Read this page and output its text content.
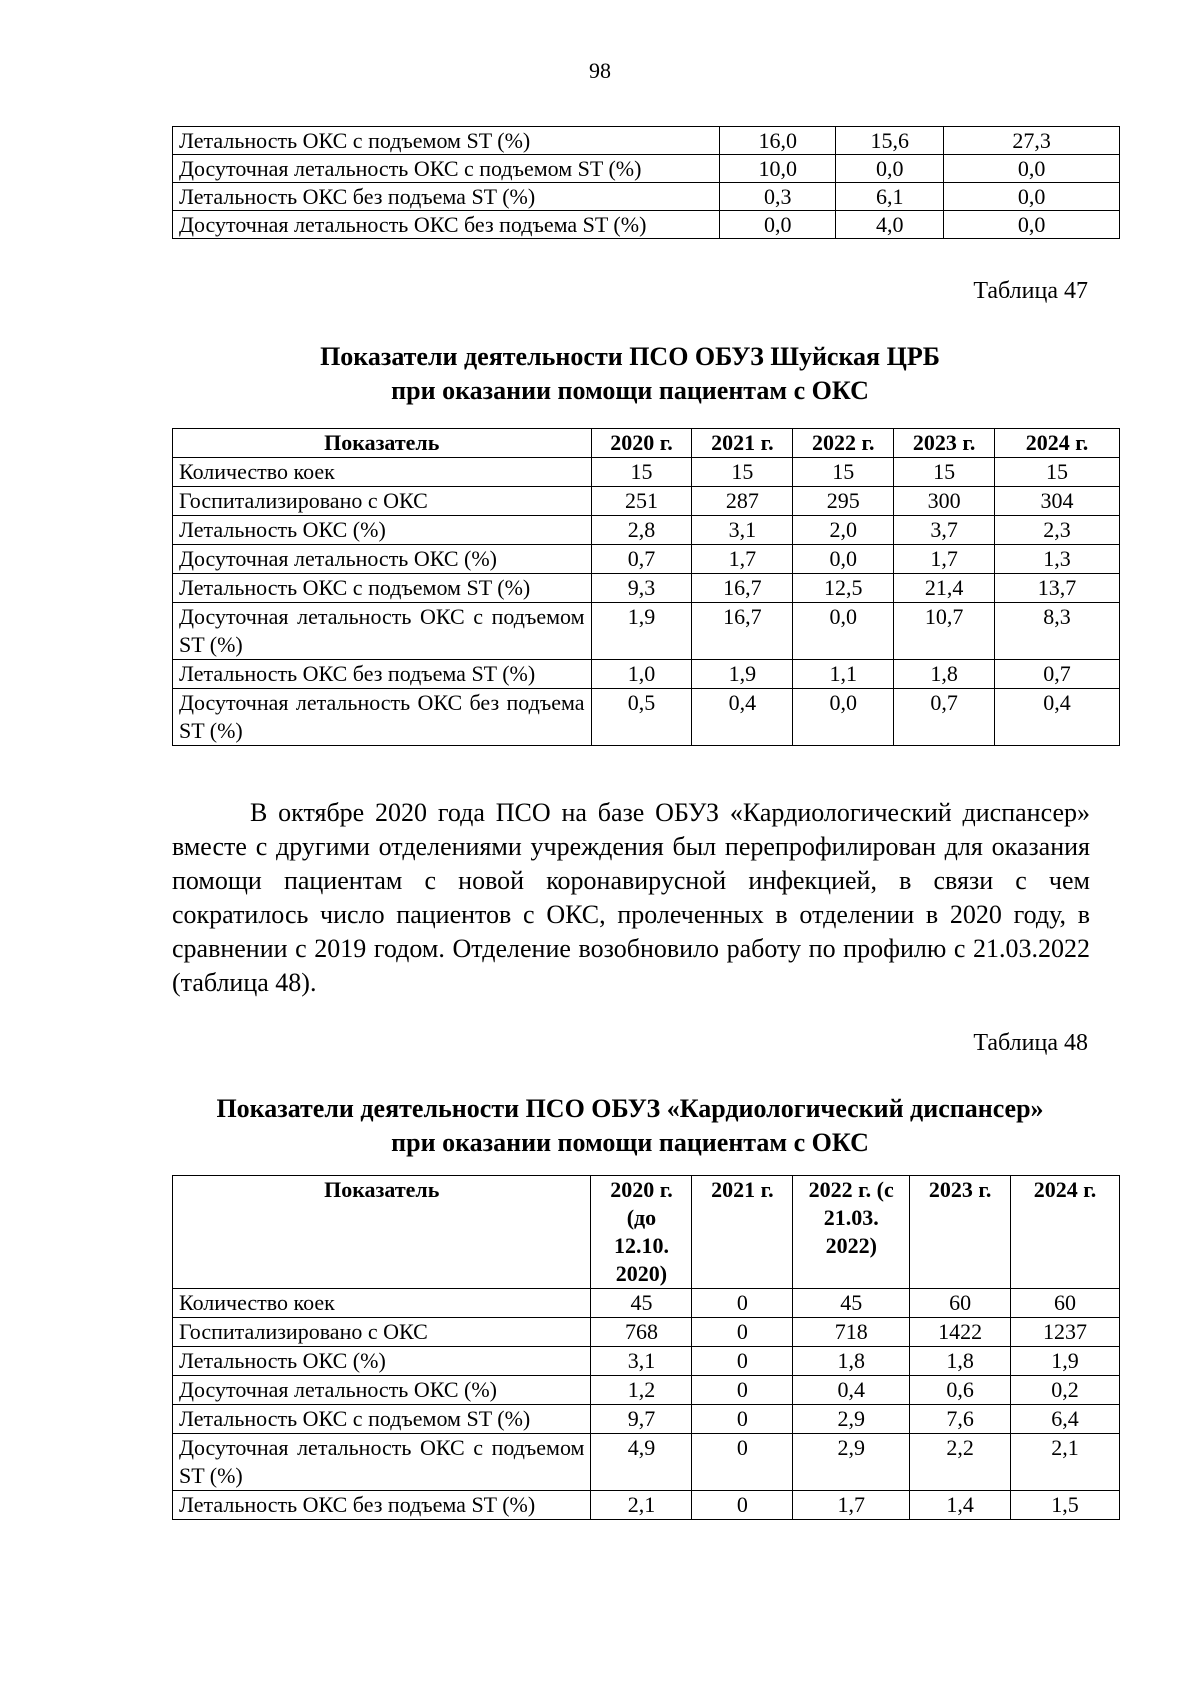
98
Летальность ОКС с подъемом ST (%)	16,0	15,6	27,3
Досуточная летальность ОКС с подъемом ST (%)	10,0	0,0	0,0
Летальность ОКС без подъема ST (%)	0,3	6,1	0,0
Досуточная летальность ОКС без подъема ST (%)	0,0	4,0	0,0
Таблица 47
Показатели деятельности ПСО ОБУЗ Шуйская ЦРБ
при оказании помощи пациентам с ОКС
Показатель	2020 г.	2021 г.	2022 г.	2023 г.	2024 г.
Количество коек	15	15	15	15	15
Госпитализировано с ОКС	251	287	295	300	304
Летальность ОКС (%)	2,8	3,1	2,0	3,7	2,3
Досуточная летальность ОКС (%)	0,7	1,7	0,0	1,7	1,3
Летальность ОКС с подъемом ST (%)	9,3	16,7	12,5	21,4	13,7
Досуточная летальность ОКС с подъемом ST (%)	1,9	16,7	0,0	10,7	8,3
Летальность ОКС без подъема ST (%)	1,0	1,9	1,1	1,8	0,7
Досуточная летальность ОКС без подъема ST (%)	0,5	0,4	0,0	0,7	0,4
В октябре 2020 года ПСО на базе ОБУЗ «Кардиологический диспансер» вместе с другими отделениями учреждения был перепрофилирован для оказания помощи пациентам с новой коронавирусной инфекцией, в связи с чем сократилось число пациентов с ОКС, пролеченных в отделении в 2020 году, в сравнении с 2019 годом. Отделение возобновило работу по профилю с 21.03.2022 (таблица 48).
Таблица 48
Показатели деятельности ПСО ОБУЗ «Кардиологический диспансер»
при оказании помощи пациентам с ОКС
Показатель	2020 г. (до 12.10. 2020)	2021 г.	2022 г. (с 21.03. 2022)	2023 г.	2024 г.
Количество коек	45	0	45	60	60
Госпитализировано с ОКС	768	0	718	1422	1237
Летальность ОКС (%)	3,1	0	1,8	1,8	1,9
Досуточная летальность ОКС (%)	1,2	0	0,4	0,6	0,2
Летальность ОКС с подъемом ST (%)	9,7	0	2,9	7,6	6,4
Досуточная летальность ОКС с подъемом ST (%)	4,9	0	2,9	2,2	2,1
Летальность ОКС без подъема ST (%)	2,1	0	1,7	1,4	1,5
